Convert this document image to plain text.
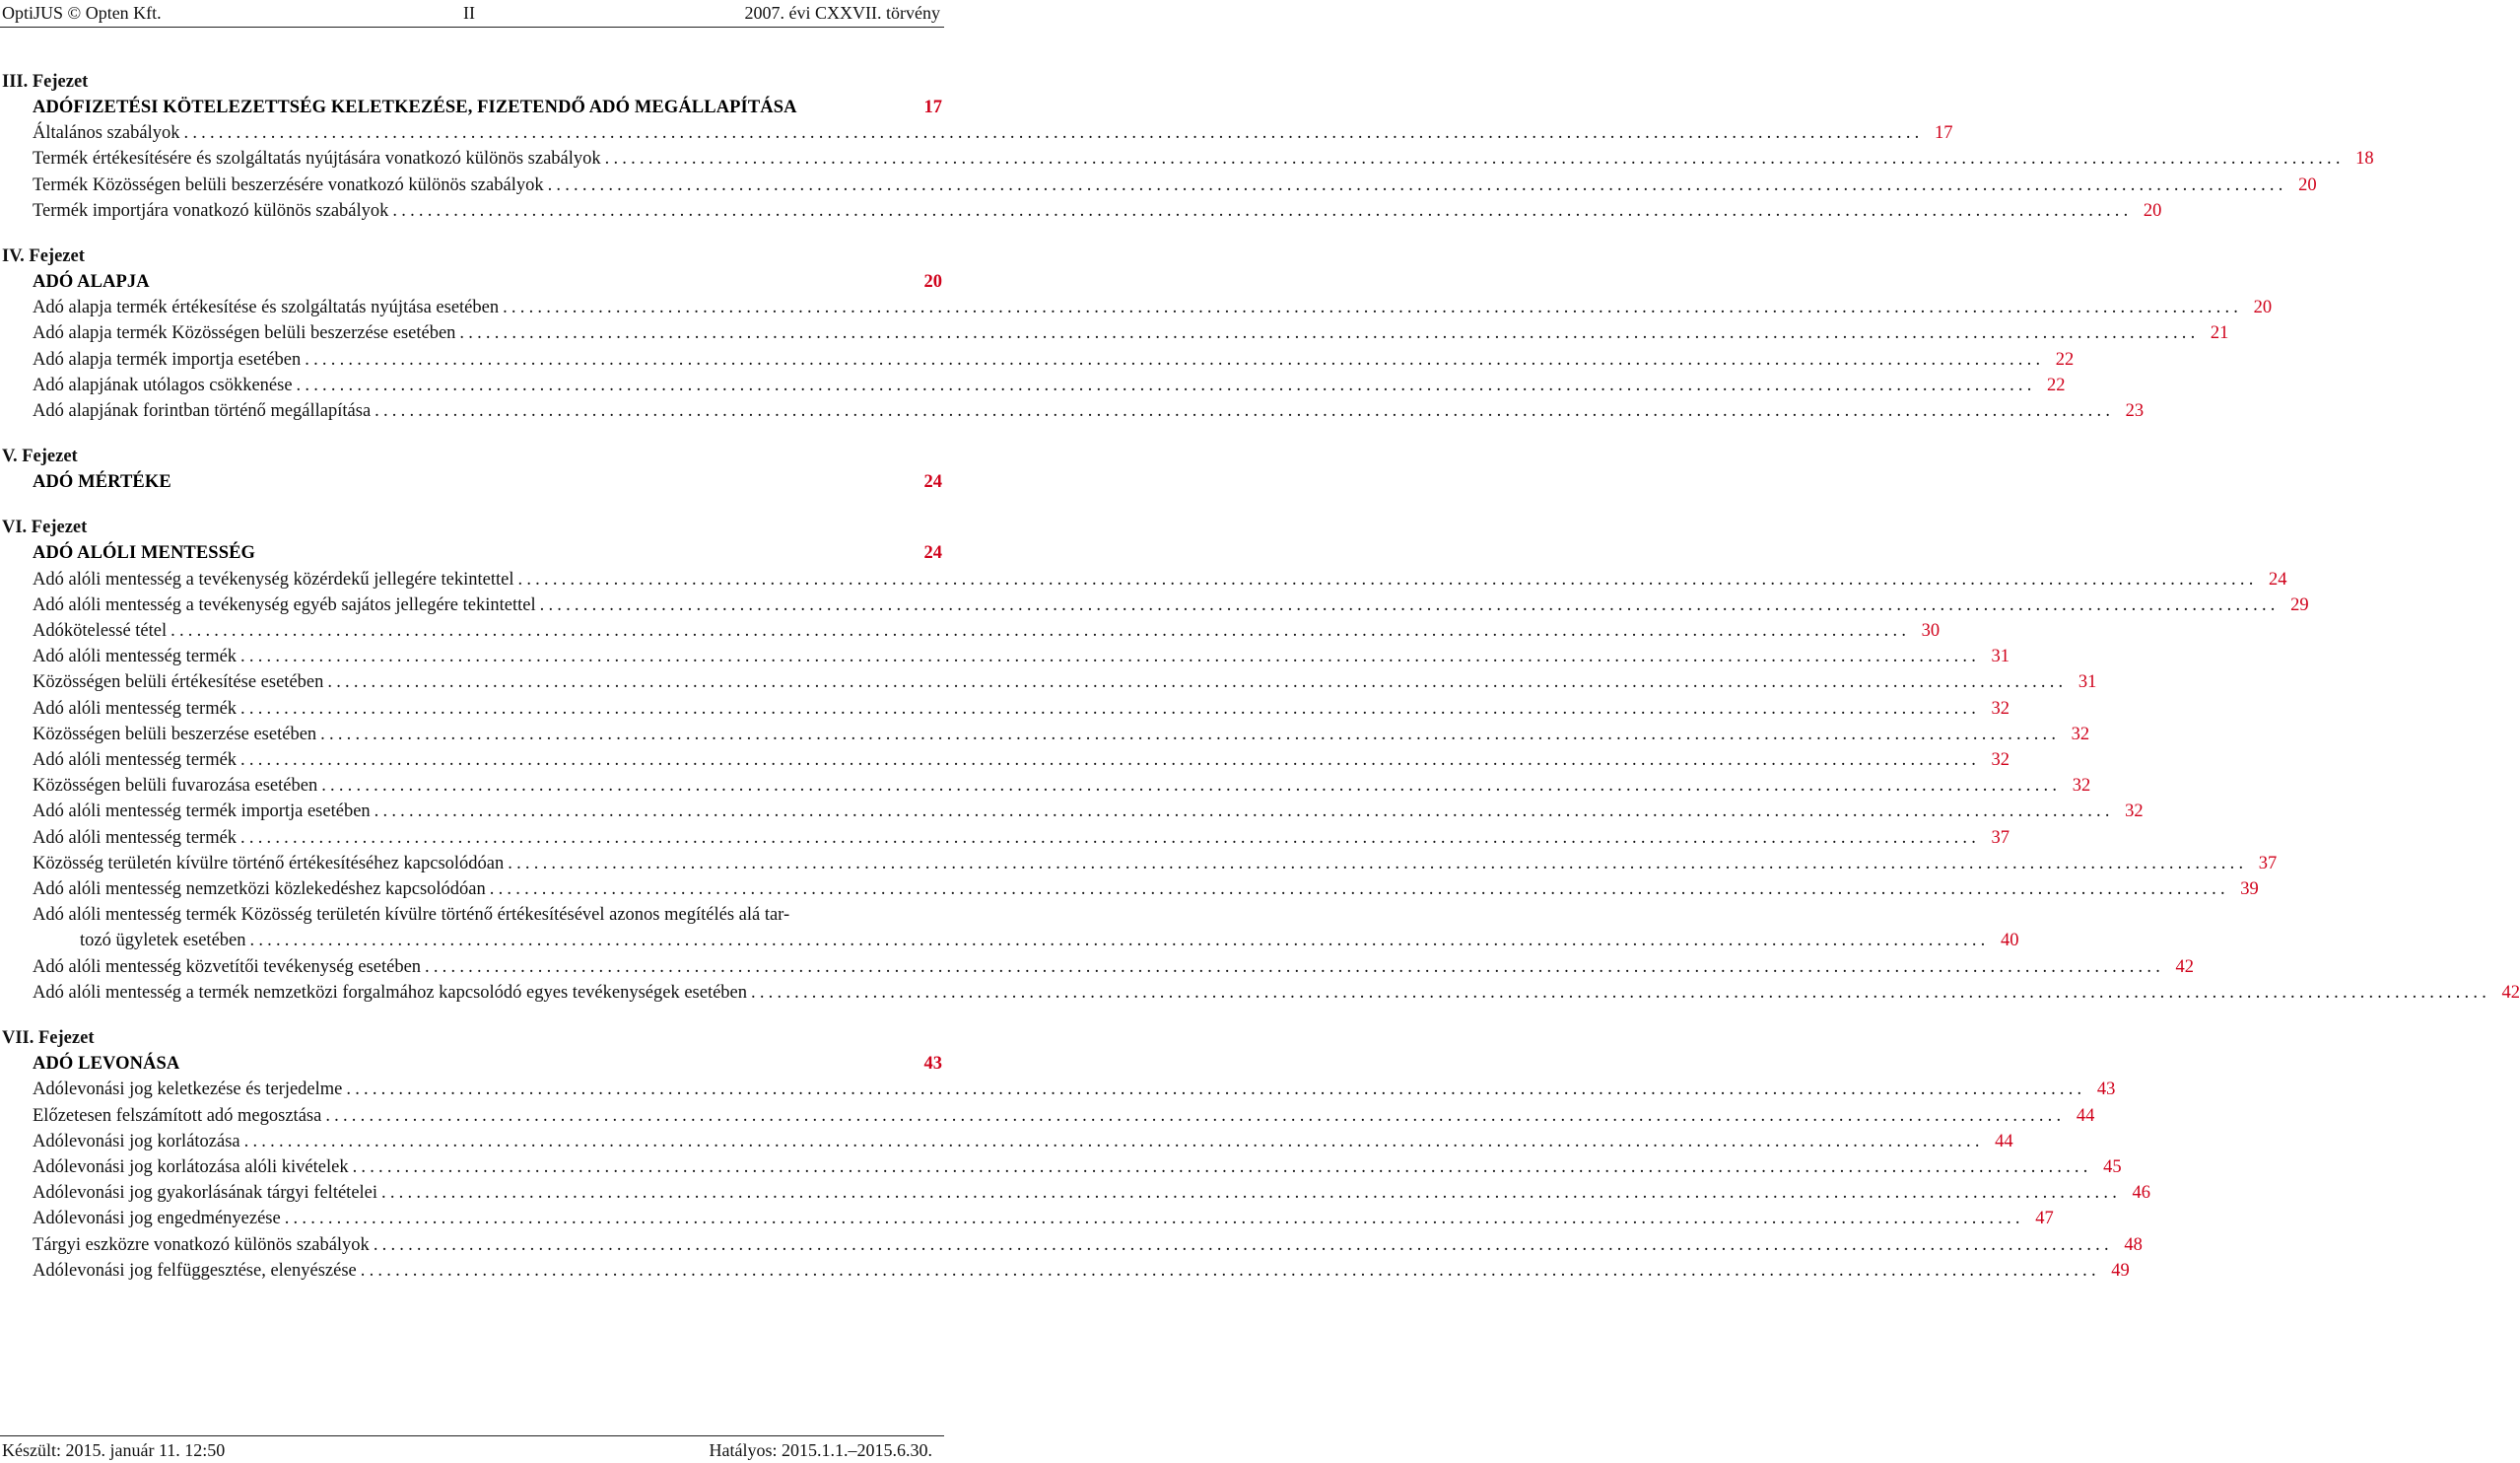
OptiJUS © Opten Kft.	II	2007. évi CXXVII. törvény
III. Fejezet
ADÓFIZETÉSI KÖTELEZETTSÉG KELETKEZÉSE, FIZETENDŐ ADÓ MEGÁLLAPÍTÁSA	17
Általános szabályok ........................................................................................................................................................................................................ 17
Termék értékesítésére és szolgáltatás nyújtására vonatkozó különös szabályok ........................................................................................................................................................................................................ 18
Termék Közösségen belüli beszerzésére vonatkozó különös szabályok ........................................................................................................................................................................................................ 20
Termék importjára vonatkozó különös szabályok ........................................................................................................................................................................................................ 20
IV. Fejezet
ADÓ ALAPJA	20
Adó alapja termék értékesítése és szolgáltatás nyújtása esetében ........................................................................................................................................................................................................ 20
Adó alapja termék Közösségen belüli beszerzése esetében ........................................................................................................................................................................................................ 21
Adó alapja termék importja esetében ........................................................................................................................................................................................................ 22
Adó alapjának utólagos csökkenése ........................................................................................................................................................................................................ 22
Adó alapjának forintban történő megállapítása ........................................................................................................................................................................................................ 23
V. Fejezet
ADÓ MÉRTÉKE	24
VI. Fejezet
ADÓ ALÓLI MENTESSÉG	24
Adó alóli mentesség a tevékenység közérdekű jellegére tekintettel ........................................................................................................................................................................................................ 24
Adó alóli mentesség a tevékenység egyéb sajátos jellegére tekintettel ........................................................................................................................................................................................................ 29
Adókötelessé tétel ........................................................................................................................................................................................................ 30
Adó alóli mentesség termék ........................................................................................................................................................................................................ 31
Közösségen belüli értékesítése esetében ........................................................................................................................................................................................................ 31
Adó alóli mentesség termék ........................................................................................................................................................................................................ 32
Közösségen belüli beszerzése esetében ........................................................................................................................................................................................................ 32
Adó alóli mentesség termék ........................................................................................................................................................................................................ 32
Közösségen belüli fuvarozása esetében ........................................................................................................................................................................................................ 32
Adó alóli mentesség termék importja esetében ........................................................................................................................................................................................................ 32
Adó alóli mentesség termék ........................................................................................................................................................................................................ 37
Közösség területén kívülre történő értékesítéséhez kapcsolódóan ........................................................................................................................................................................................................ 37
Adó alóli mentesség nemzetközi közlekedéshez kapcsolódóan ........................................................................................................................................................................................................ 39
Adó alóli mentesség termék Közösség területén kívülre történő értékesítésével azonos megítélés alá tar-
tozó ügyletek esetében ........................................................................................................................................................................................................ 40
Adó alóli mentesség közvetítői tevékenység esetében ........................................................................................................................................................................................................ 42
Adó alóli mentesség a termék nemzetközi forgalmához kapcsolódó egyes tevékenységek esetében ........................................................................................................................................................................................................ 42
VII. Fejezet
ADÓ LEVONÁSA	43
Adólevonási jog keletkezése és terjedelme ........................................................................................................................................................................................................ 43
Előzetesen felszámított adó megosztása ........................................................................................................................................................................................................ 44
Adólevonási jog korlátozása ........................................................................................................................................................................................................ 44
Adólevonási jog korlátozása alóli kivételek ........................................................................................................................................................................................................ 45
Adólevonási jog gyakorlásának tárgyi feltételei ........................................................................................................................................................................................................ 46
Adólevonási jog engedményezése ........................................................................................................................................................................................................ 47
Tárgyi eszközre vonatkozó különös szabályok ........................................................................................................................................................................................................ 48
Adólevonási jog felfüggesztése, elenyészése ........................................................................................................................................................................................................ 49
Készült: 2015. január 11. 12:50	Hatályos: 2015.1.1.–2015.6.30.
